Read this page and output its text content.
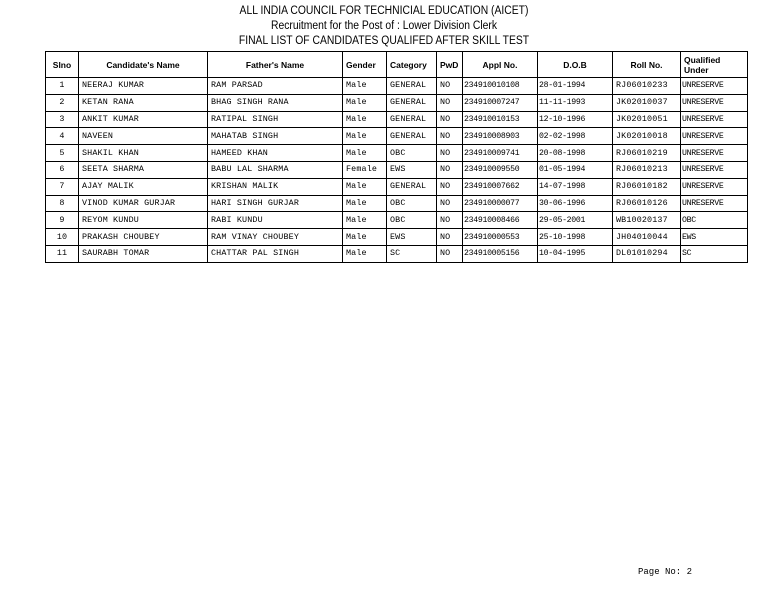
ALL INDIA COUNCIL FOR TECHNICIAL EDUCATION (AICET)
Recruitment for the Post of : Lower Division Clerk
FINAL LIST OF CANDIDATES QUALIFED AFTER SKILL TEST
Slno	Candidate's Name	Father's Name	Gender	Category	PwD	Appl No.	D.O.B	Roll No.	Qualified Under
1	NEERAJ KUMAR	RAM PARSAD	Male	GENERAL	NO	234910010108	28-01-1994	RJ06010233	UNRESERVE
2	KETAN RANA	BHAG SINGH RANA	Male	GENERAL	NO	234910007247	11-11-1993	JK02010037	UNRESERVE
3	ANKIT KUMAR	RATIPAL SINGH	Male	GENERAL	NO	234910010153	12-10-1996	JK02010051	UNRESERVE
4	NAVEEN	MAHATAB SINGH	Male	GENERAL	NO	234910008903	02-02-1998	JK02010018	UNRESERVE
5	SHAKIL KHAN	HAMEED KHAN	Male	OBC	NO	234910009741	20-08-1998	RJ06010219	UNRESERVE
6	SEETA SHARMA	BABU LAL SHARMA	Female	EWS	NO	234910009550	01-05-1994	RJ06010213	UNRESERVE
7	AJAY MALIK	KRISHAN MALIK	Male	GENERAL	NO	234910007662	14-07-1998	RJ06010182	UNRESERVE
8	VINOD KUMAR GURJAR	HARI SINGH GURJAR	Male	OBC	NO	234910000077	30-06-1996	RJ06010126	UNRESERVE
9	REYOM KUNDU	RABI KUNDU	Male	OBC	NO	234910008466	29-05-2001	WB10020137	OBC
10	PRAKASH CHOUBEY	RAM VINAY CHOUBEY	Male	EWS	NO	234910000553	25-10-1998	JH04010044	EWS
11	SAURABH TOMAR	CHATTAR PAL SINGH	Male	SC	NO	234910005156	10-04-1995	DL01010294	SC
Page No: 2
